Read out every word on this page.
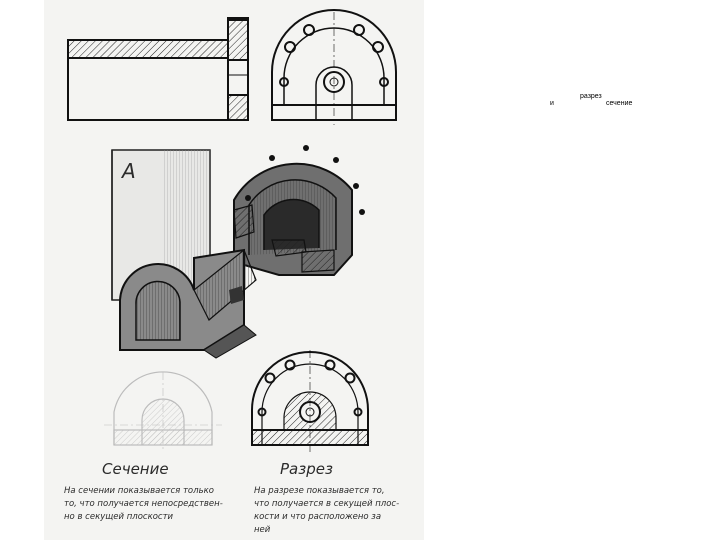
А
Сечение
На сечении показывается только
то, что получается непосредствен-
но в секущей плоскости
Разрез
На разрезе показывается то,
что получается в секущей плос-
кости и что расположено за
ней
разрез
и	сечение
